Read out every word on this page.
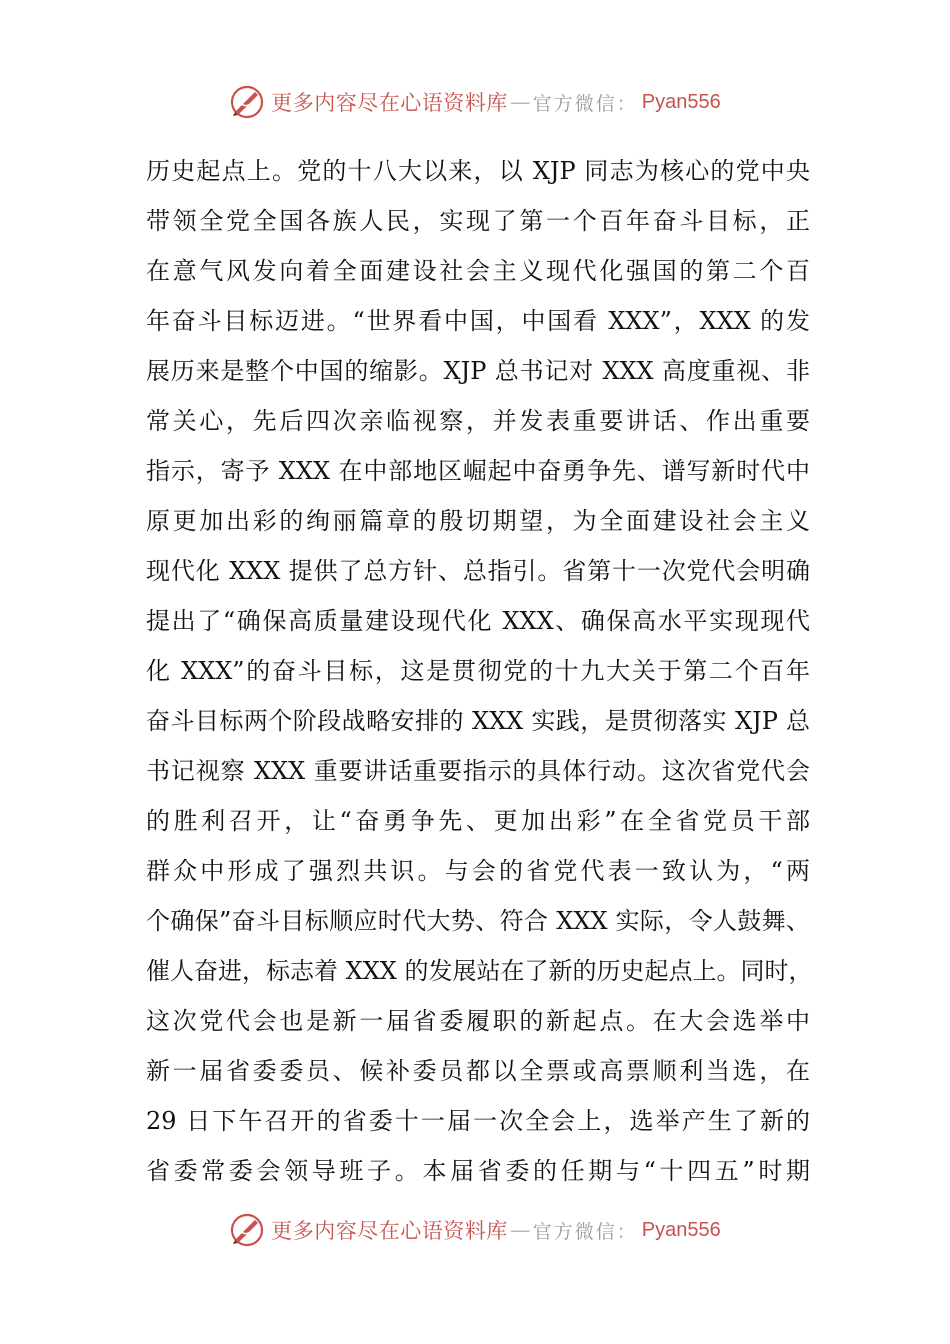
更多内容尽在心语资料库 — 官方微信： Pyan556
历史起点上。党的十八大以来，以 XJP 同志为核心的党中央
带领全党全国各族人民，实现了第一个百年奋斗目标，正
在意气风发向着全面建设社会主义现代化强国的第二个百
年奋斗目标迈进。“世界看中国，中国看 XXX”，XXX 的发
展历来是整个中国的缩影。XJP 总书记对 XXX 高度重视、非
常关心，先后四次亲临视察，并发表重要讲话、作出重要
指示，寄予 XXX 在中部地区崛起中奋勇争先、谱写新时代中
原更加出彩的绚丽篇章的殷切期望，为全面建设社会主义
现代化 XXX 提供了总方针、总指引。省第十一次党代会明确
提出了“确保高质量建设现代化 XXX、确保高水平实现现代
化 XXX”的奋斗目标，这是贯彻党的十九大关于第二个百年
奋斗目标两个阶段战略安排的 XXX 实践，是贯彻落实 XJP 总
书记视察 XXX 重要讲话重要指示的具体行动。这次省党代会
的胜利召开，让“奋勇争先、更加出彩”在全省党员干部
群众中形成了强烈共识。与会的省党代表一致认为，“两
个确保”奋斗目标顺应时代大势、符合 XXX 实际，令人鼓舞、
催人奋进，标志着 XXX 的发展站在了新的历史起点上。同时，
这次党代会也是新一届省委履职的新起点。在大会选举中
新一届省委委员、候补委员都以全票或高票顺利当选，在
29 日下午召开的省委十一届一次全会上，选举产生了新的
省委常委会领导班子。本届省委的任期与“十四五”时期
更多内容尽在心语资料库 — 官方微信： Pyan556
